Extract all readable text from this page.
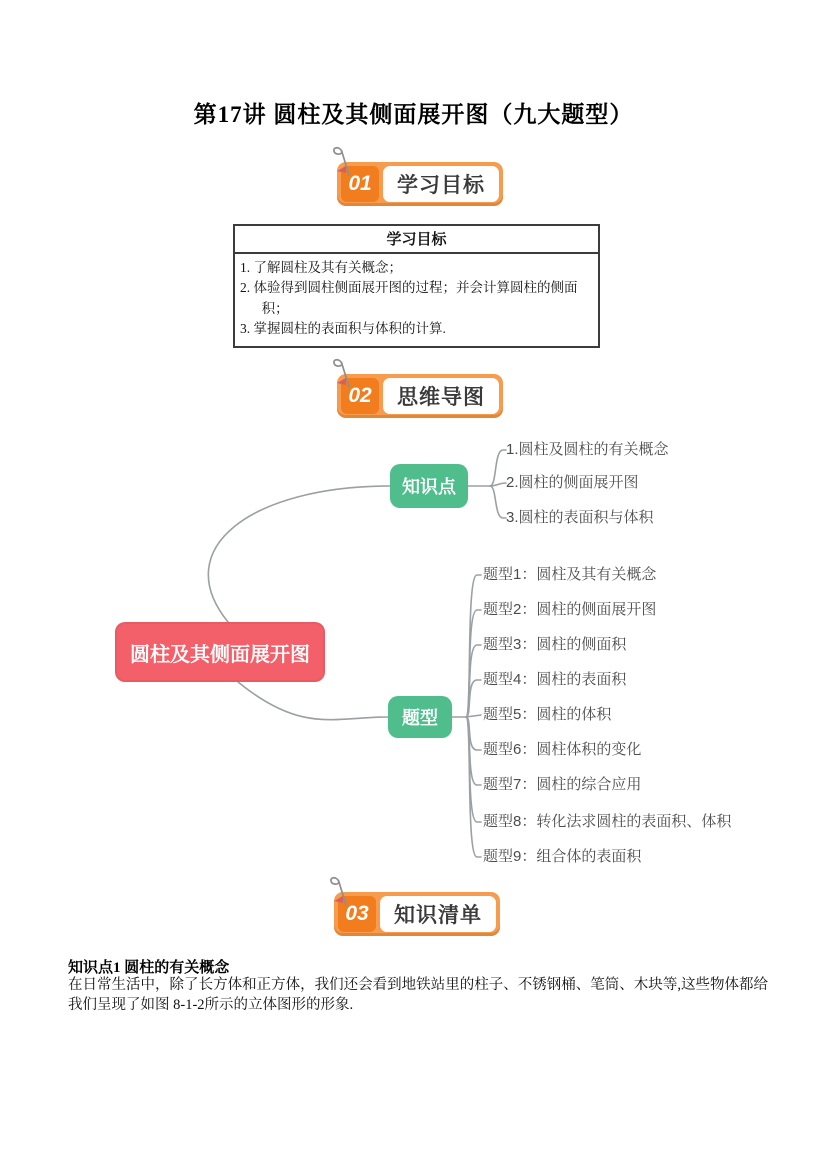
第17讲 圆柱及其侧面展开图（九大题型）
01	学习目标
学习目标
1. 了解圆柱及其有关概念；
2. 体验得到圆柱侧面展开图的过程；并会计算圆柱的侧面积；
3. 掌握圆柱的表面积与体积的计算.
02	思维导图
圆柱及其侧面展开图
知识点
题型
1.圆柱及圆柱的有关概念
2.圆柱的侧面展开图
3.圆柱的表面积与体积
题型1：圆柱及其有关概念
题型2：圆柱的侧面展开图
题型3：圆柱的侧面积
题型4：圆柱的表面积
题型5：圆柱的体积
题型6：圆柱体积的变化
题型7：圆柱的综合应用
题型8：转化法求圆柱的表面积、体积
题型9：组合体的表面积
03	知识清单
知识点1 圆柱的有关概念
在日常生活中，除了长方体和正方体，我们还会看到地铁站里的柱子、不锈钢桶、笔筒、木块等,这些物体都给我们呈现了如图 8-1-2所示的立体图形的形象.
